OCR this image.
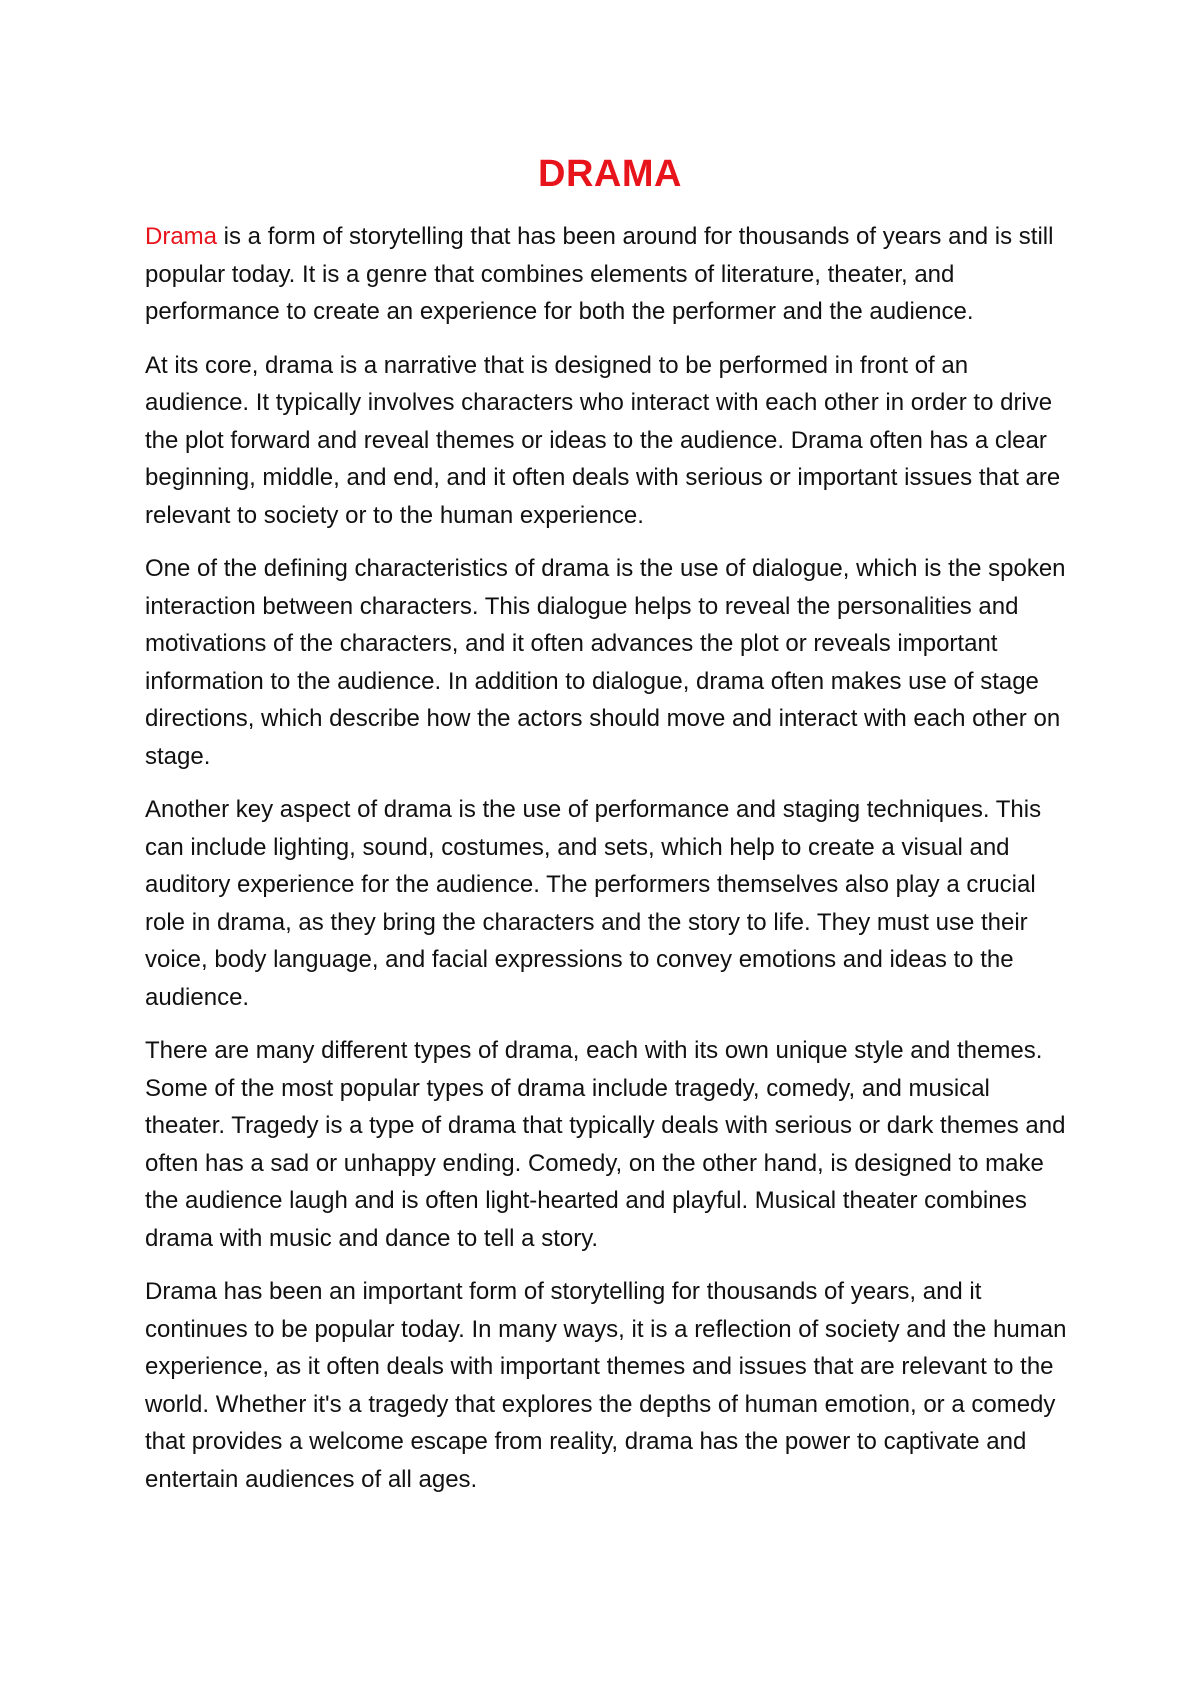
DRAMA

Drama is a form of storytelling that has been around for thousands of years and is still popular today. It is a genre that combines elements of literature, theater, and performance to create an experience for both the performer and the audience.

At its core, drama is a narrative that is designed to be performed in front of an audience. It typically involves characters who interact with each other in order to drive the plot forward and reveal themes or ideas to the audience. Drama often has a clear beginning, middle, and end, and it often deals with serious or important issues that are relevant to society or to the human experience.

One of the defining characteristics of drama is the use of dialogue, which is the spoken interaction between characters. This dialogue helps to reveal the personalities and motivations of the characters, and it often advances the plot or reveals important information to the audience. In addition to dialogue, drama often makes use of stage directions, which describe how the actors should move and interact with each other on stage.

Another key aspect of drama is the use of performance and staging techniques. This can include lighting, sound, costumes, and sets, which help to create a visual and auditory experience for the audience. The performers themselves also play a crucial role in drama, as they bring the characters and the story to life. They must use their voice, body language, and facial expressions to convey emotions and ideas to the audience.

There are many different types of drama, each with its own unique style and themes. Some of the most popular types of drama include tragedy, comedy, and musical theater. Tragedy is a type of drama that typically deals with serious or dark themes and often has a sad or unhappy ending. Comedy, on the other hand, is designed to make the audience laugh and is often light-hearted and playful. Musical theater combines drama with music and dance to tell a story.

Drama has been an important form of storytelling for thousands of years, and it continues to be popular today. In many ways, it is a reflection of society and the human experience, as it often deals with important themes and issues that are relevant to the world. Whether it's a tragedy that explores the depths of human emotion, or a comedy that provides a welcome escape from reality, drama has the power to captivate and entertain audiences of all ages.
